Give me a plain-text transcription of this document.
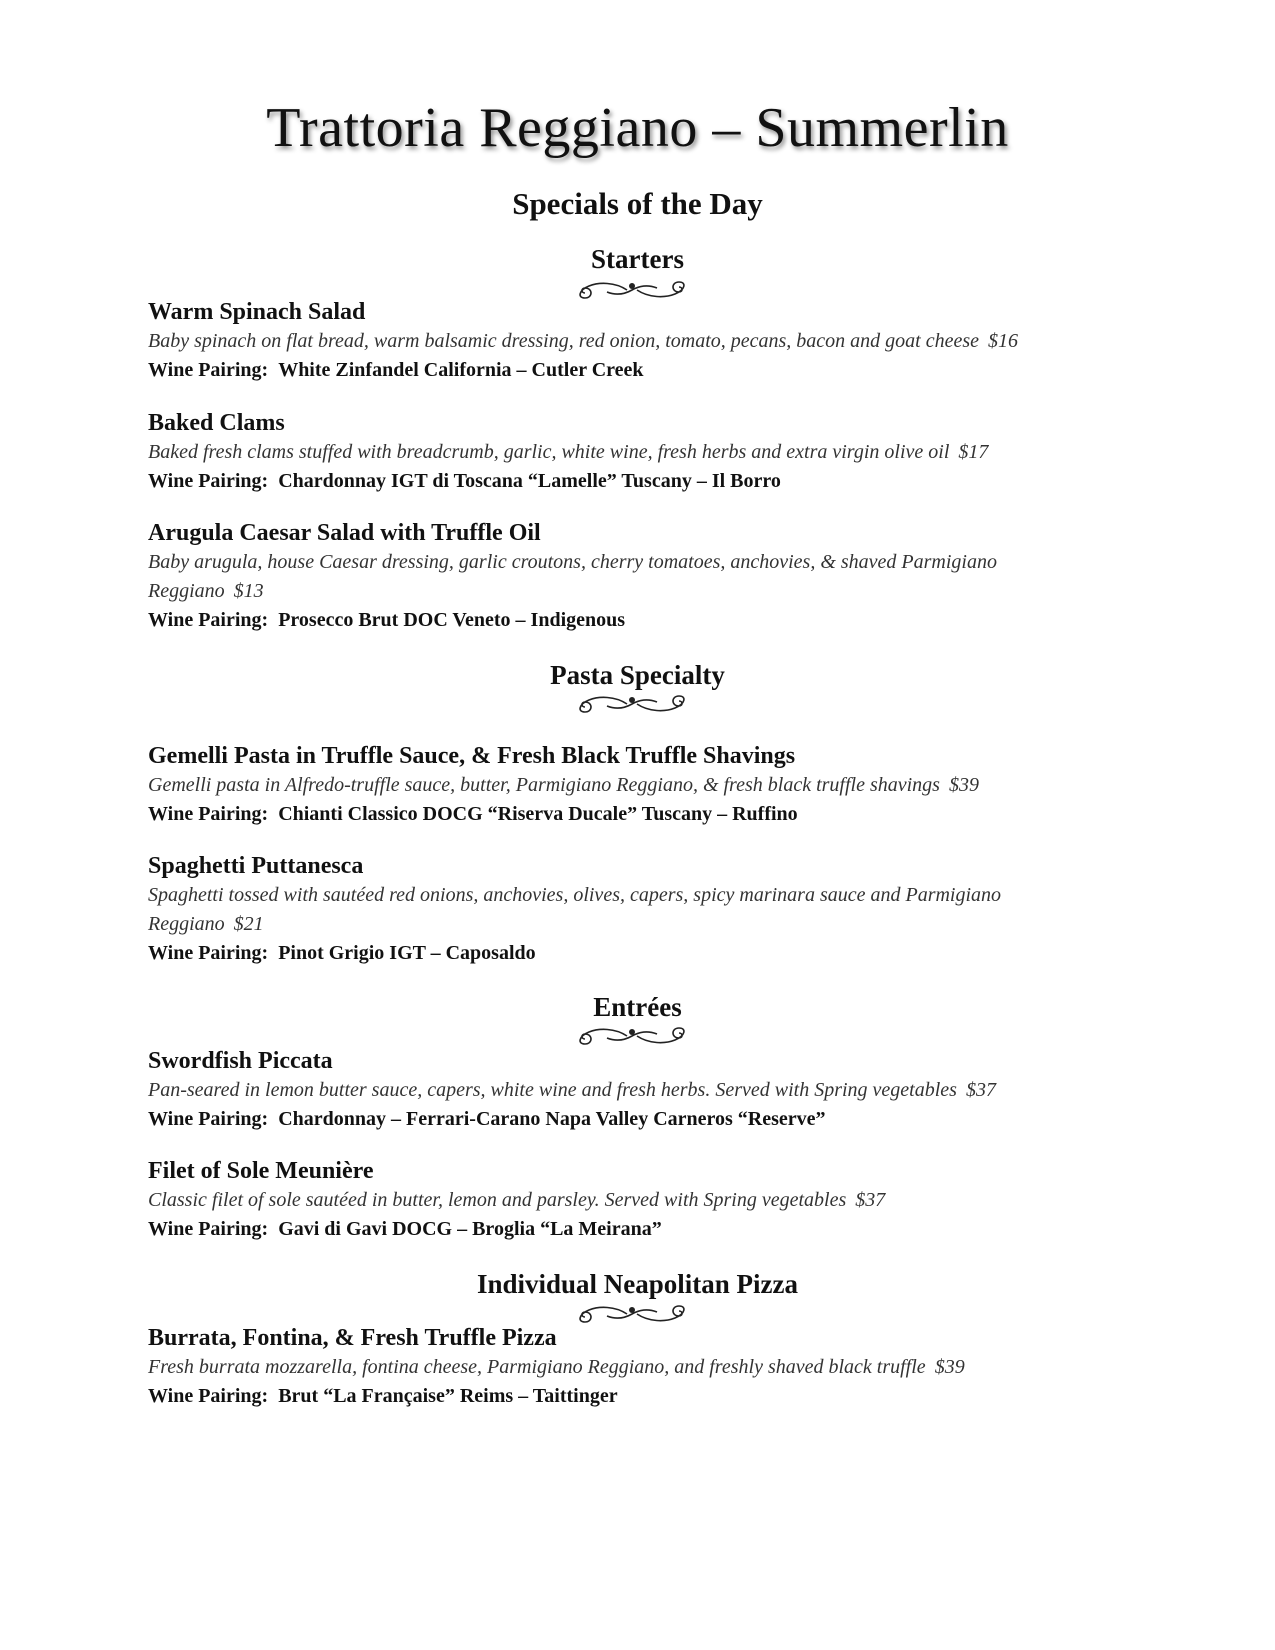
Trattoria Reggiano – Summerlin
Specials of the Day
Starters

Warm Spinach Salad

Baby spinach on flat bread, warm balsamic dressing, red onion, tomato, pecans, bacon and goat cheese $16

Wine Pairing: White Zinfandel California – Cutler Creek

Baked Clams

Baked fresh clams stuffed with breadcrumb, garlic, white wine, fresh herbs and extra virgin olive oil $17

Wine Pairing: Chardonnay IGT di Toscana “Lamelle” Tuscany – Il Borro

Arugula Caesar Salad with Truffle Oil

Baby arugula, house Caesar dressing, garlic croutons, cherry tomatoes, anchovies, & shaved Parmigiano Reggiano $13

Wine Pairing: Prosecco Brut DOC Veneto – Indigenous

Pasta Specialty

Gemelli Pasta in Truffle Sauce, & Fresh Black Truffle Shavings

Gemelli pasta in Alfredo-truffle sauce, butter, Parmigiano Reggiano, & fresh black truffle shavings $39

Wine Pairing: Chianti Classico DOCG “Riserva Ducale” Tuscany – Ruffino

Spaghetti Puttanesca

Spaghetti tossed with sautéed red onions, anchovies, olives, capers, spicy marinara sauce and Parmigiano Reggiano $21

Wine Pairing: Pinot Grigio IGT – Caposaldo

Entrées

Swordfish Piccata

Pan-seared in lemon butter sauce, capers, white wine and fresh herbs. Served with Spring vegetables $37

Wine Pairing: Chardonnay – Ferrari-Carano Napa Valley Carneros “Reserve”

Filet of Sole Meunière

Classic filet of sole sautéed in butter, lemon and parsley. Served with Spring vegetables $37

Wine Pairing: Gavi di Gavi DOCG – Broglia “La Meirana”

Individual Neapolitan Pizza

Burrata, Fontina, & Fresh Truffle Pizza

Fresh burrata mozzarella, fontina cheese, Parmigiano Reggiano, and freshly shaved black truffle $39

Wine Pairing: Brut “La Française” Reims – Taittinger
